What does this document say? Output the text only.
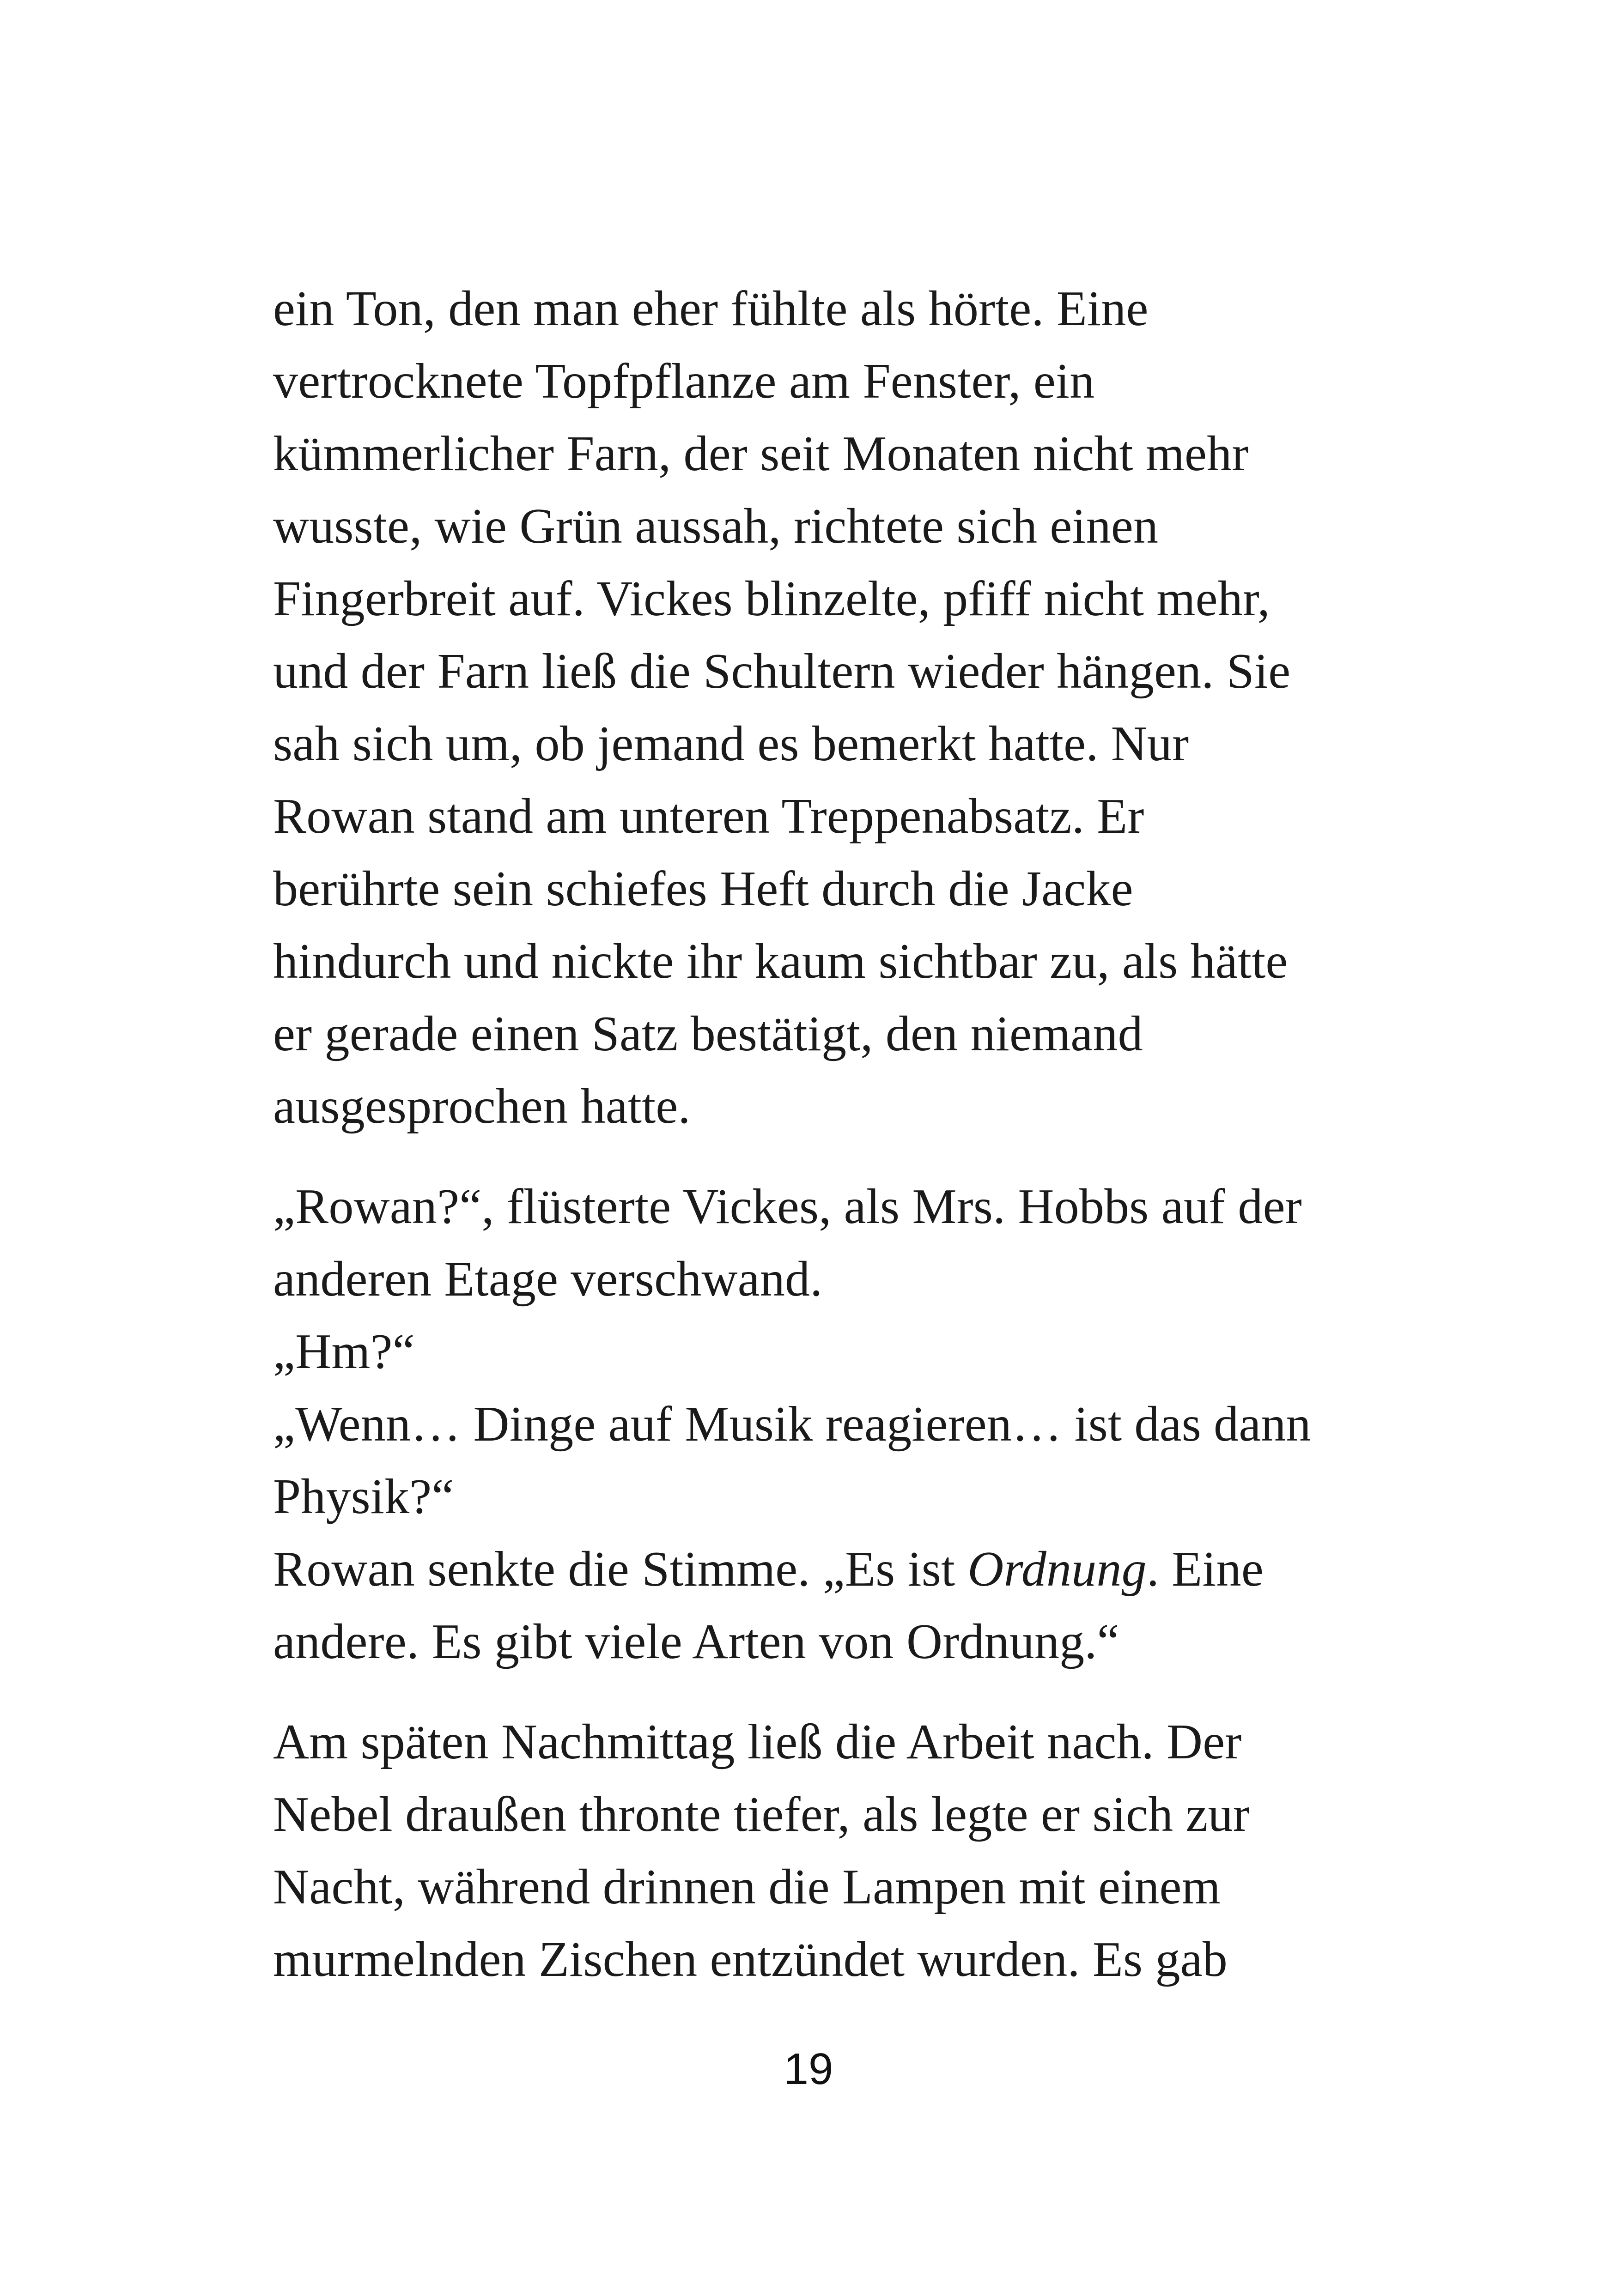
ein Ton, den man eher fühlte als hörte. Eine
vertrocknete Topfpflanze am Fenster, ein
kümmerlicher Farn, der seit Monaten nicht mehr
wusste, wie Grün aussah, richtete sich einen
Fingerbreit auf. Vickes blinzelte, pfiff nicht mehr,
und der Farn ließ die Schultern wieder hängen. Sie
sah sich um, ob jemand es bemerkt hatte. Nur
Rowan stand am unteren Treppenabsatz. Er
berührte sein schiefes Heft durch die Jacke
hindurch und nickte ihr kaum sichtbar zu, als hätte
er gerade einen Satz bestätigt, den niemand
ausgesprochen hatte.

„Rowan?“, flüsterte Vickes, als Mrs. Hobbs auf der
anderen Etage verschwand.
„Hm?“
„Wenn… Dinge auf Musik reagieren… ist das dann
Physik?“
Rowan senkte die Stimme. „Es ist Ordnung. Eine
andere. Es gibt viele Arten von Ordnung.“

Am späten Nachmittag ließ die Arbeit nach. Der
Nebel draußen thronte tiefer, als legte er sich zur
Nacht, während drinnen die Lampen mit einem
murmelnden Zischen entzündet wurden. Es gab

19
